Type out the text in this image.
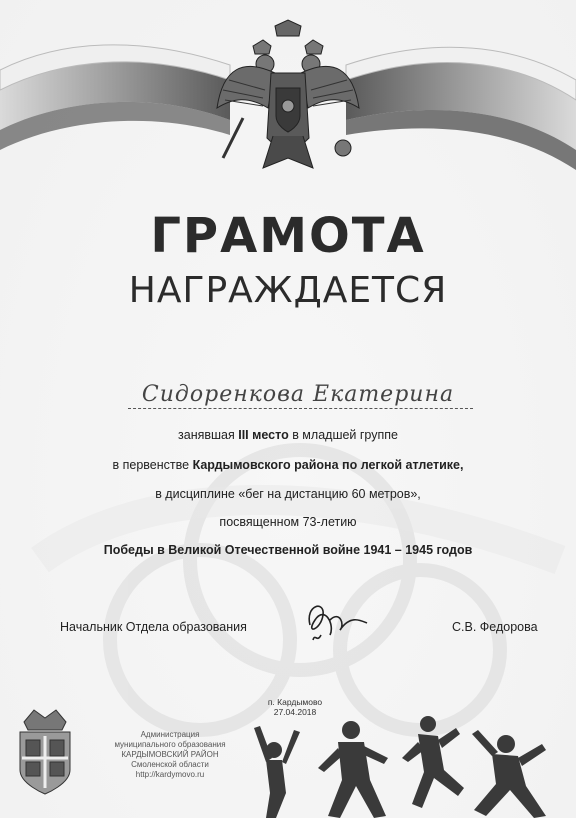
ГРАМОТА
НАГРАЖДАЕТСЯ
Сидоренкова Екатерина
занявшая III место в младшей группе
в первенстве Кардымовского района по легкой атлетике,
в дисциплине «бег на дистанцию 60 метров»,
посвященном 73-летию
Победы в Великой Отечественной войне 1941 – 1945 годов
Начальник Отдела образования	С.В. Федорова
п. Кардымово
27.04.2018
Администрация
муниципального образования
КАРДЫМОВСКИЙ РАЙОН
Смоленской области
http://kardymovo.ru
